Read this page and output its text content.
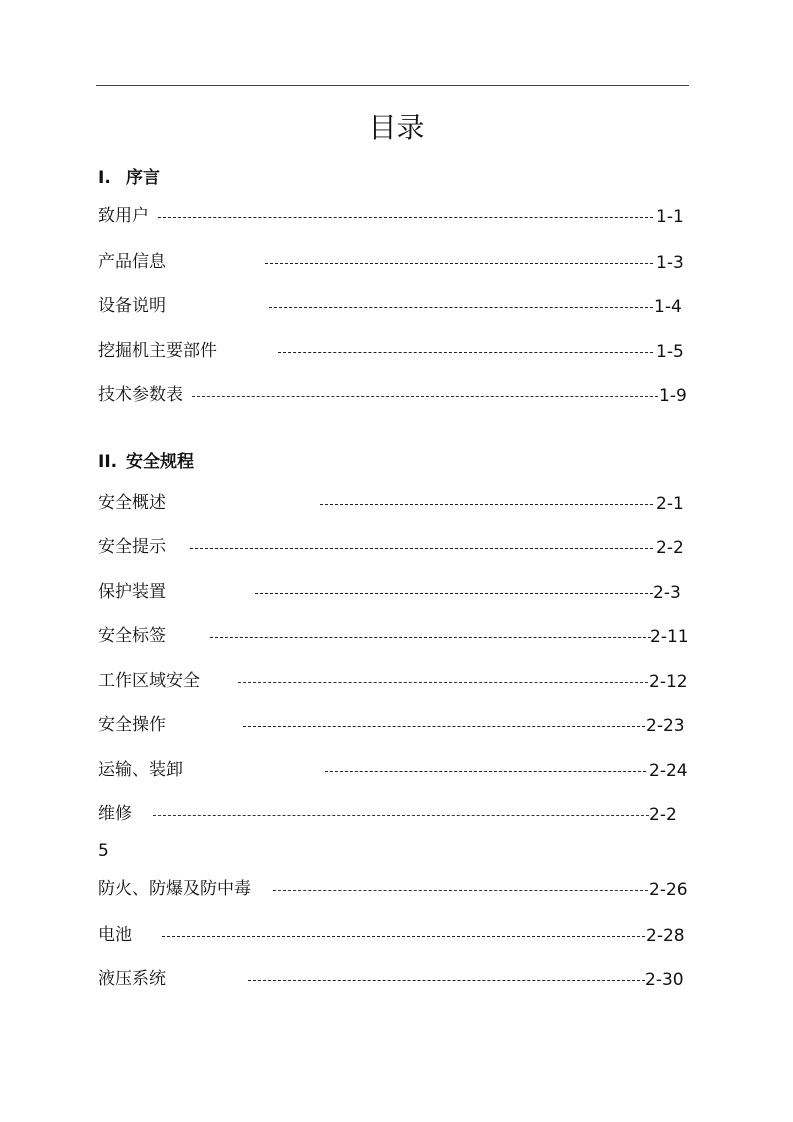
目录
I. 序言
致用户	1-1
产品信息	1-3
设备说明	1-4
挖掘机主要部件	1-5
技术参数表	1-9
II. 安全规程
安全概述	2-1
安全提示	2-2
保护装置	2-3
安全标签	2-11
工作区域安全	2-12
安全操作	2-23
运输、装卸	2-24
维修	2-2
5
防火、防爆及防中毒	2-26
电池	2-28
液压系统	2-30
